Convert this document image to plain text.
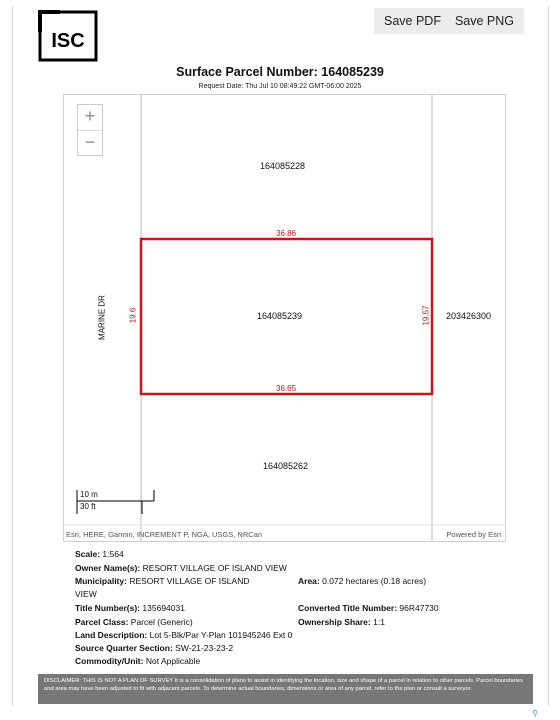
ISC
Save PDF Save PNG
Surface Parcel Number: 164085239
Request Date: Thu Jul 10 08:49:22 GMT-06:00 2025
+
−
164085228
164085239	203426300
164085262
MARINE DR
36.86
36.65
19.6	19.57
10 m
30 ft
Esri, HERE, Garmin, INCREMENT P, NGA, USGS, NRCan	Powered by Esri
Scale: 1:564
Owner Name(s): RESORT VILLAGE OF ISLAND VIEW
Municipality: RESORT VILLAGE OF ISLAND
VIEW
Area: 0.072 hectares (0.18 acres)
Title Number(s): 135694031	Converted Title Number: 96R47730
Parcel Class: Parcel (Generic)	Ownership Share: 1:1
Land Description: Lot 5-Blk/Par Y-Plan 101945246 Ext 0
Source Quarter Section: SW-21-23-23-2
Commodity/Unit: Not Applicable
DISCLAIMER: THIS IS NOT A PLAN OF SURVEY It is a consolidation of plans to assist in identifying the location, size and shape of a parcel in relation to other parcels. Parcel boundaries and area may have been adjusted to fit with adjacent parcels. To determine actual boundaries, dimensions or area of any parcel, refer to the plan or consult a surveyor.
⚲
